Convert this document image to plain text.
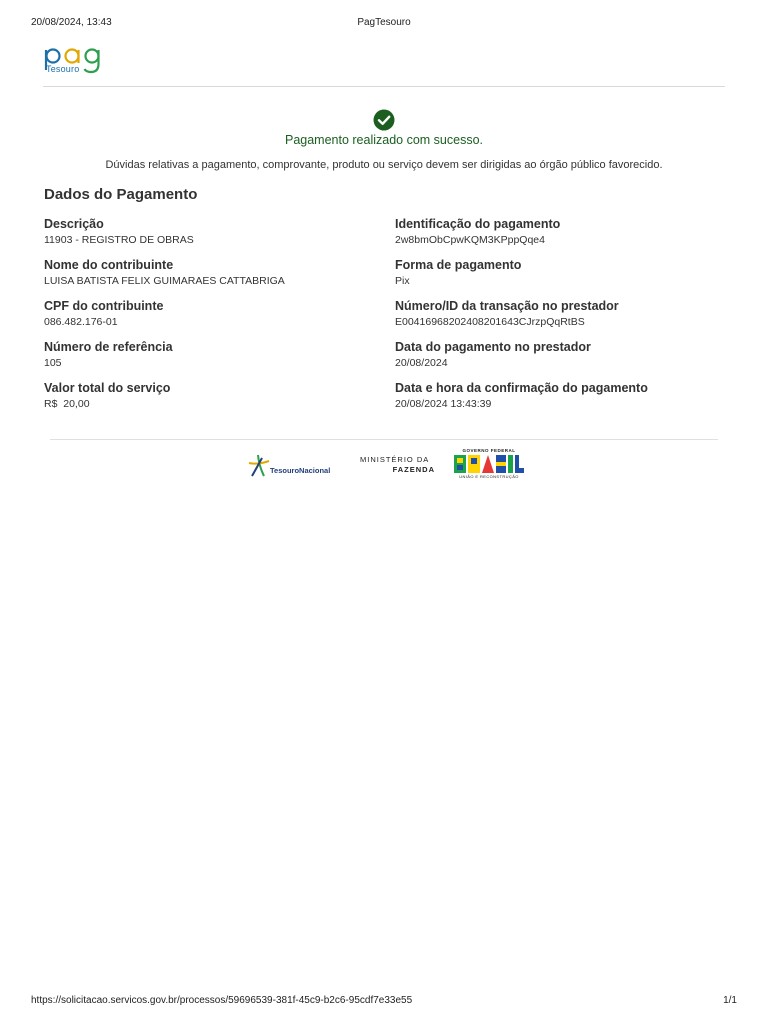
20/08/2024, 13:43	PagTesouro
Tesouro
Pagamento realizado com sucesso.
Dúvidas relativas a pagamento, comprovante, produto ou serviço devem ser dirigidas ao órgão público favorecido.
Dados do Pagamento
Descrição
11903 - REGISTRO DE OBRAS
Nome do contribuinte
LUISA BATISTA FELIX GUIMARAES CATTABRIGA
CPF do contribuinte
086.482.176-01
Número de referência
105
Valor total do serviço
R$  20,00
Identificação do pagamento
2w8bmObCpwKQM3KPppQqe4
Forma de pagamento
Pix
Número/ID da transação no prestador
E00416968202408201643CJrzpQqRtBS
Data do pagamento no prestador
20/08/2024
Data e hora da confirmação do pagamento
20/08/2024 13:43:39
TesouroNacional
MINISTÉRIO DA
FAZENDA
GOVERNO FEDERAL
UNIÃO E RECONSTRUÇÃO
https://solicitacao.servicos.gov.br/processos/59696539-381f-45c9-b2c6-95cdf7e33e55	1/1
